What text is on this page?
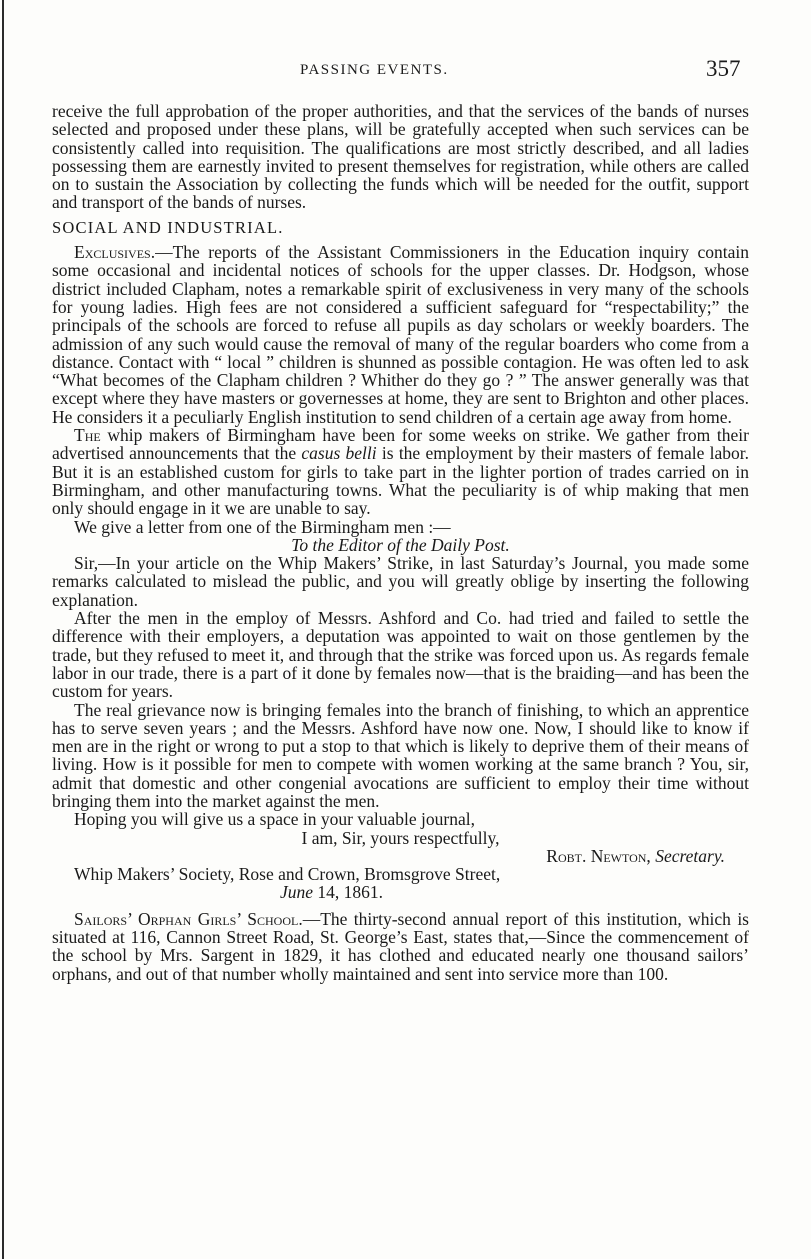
PASSING EVENTS.	357

receive the full approbation of the proper authorities, and that the services of the bands of nurses selected and proposed under these plans, will be gratefully accepted when such services can be consistently called into requisition. The qualifications are most strictly described, and all ladies possessing them are earnestly invited to present themselves for registration, while others are called on to sustain the Association by collecting the funds which will be needed for the outfit, support and transport of the bands of nurses.

SOCIAL AND INDUSTRIAL.

Exclusives.—The reports of the Assistant Commissioners in the Education inquiry contain some occasional and incidental notices of schools for the upper classes. Dr. Hodgson, whose district included Clapham, notes a remarkable spirit of exclusiveness in very many of the schools for young ladies. High fees are not considered a sufficient safeguard for “respectability;” the principals of the schools are forced to refuse all pupils as day scholars or weekly boarders. The admission of any such would cause the removal of many of the regular boarders who come from a distance. Contact with “ local ” children is shunned as possible contagion. He was often led to ask “What becomes of the Clapham children ? Whither do they go ? ” The answer generally was that except where they have masters or governesses at home, they are sent to Brighton and other places. He considers it a peculiarly English institution to send children of a certain age away from home.

The whip makers of Birmingham have been for some weeks on strike. We gather from their advertised announcements that the casus belli is the employment by their masters of female labor. But it is an established custom for girls to take part in the lighter portion of trades carried on in Birmingham, and other manufacturing towns. What the peculiarity is of whip making that men only should engage in it we are unable to say.

We give a letter from one of the Birmingham men :—

To the Editor of the Daily Post.

Sir,—In your article on the Whip Makers’ Strike, in last Saturday’s Journal, you made some remarks calculated to mislead the public, and you will greatly oblige by inserting the following explanation.

After the men in the employ of Messrs. Ashford and Co. had tried and failed to settle the difference with their employers, a deputation was appointed to wait on those gentlemen by the trade, but they refused to meet it, and through that the strike was forced upon us. As regards female labor in our trade, there is a part of it done by females now—that is the braiding—and has been the custom for years.

The real grievance now is bringing females into the branch of finishing, to which an apprentice has to serve seven years ; and the Messrs. Ashford have now one. Now, I should like to know if men are in the right or wrong to put a stop to that which is likely to deprive them of their means of living. How is it possible for men to compete with women working at the same branch ? You, sir, admit that domestic and other congenial avocations are sufficient to employ their time without bringing them into the market against the men.

Hoping you will give us a space in your valuable journal,

I am, Sir, yours respectfully,

Robt. Newton, Secretary.

Whip Makers’ Society, Rose and Crown, Bromsgrove Street,

June 14, 1861.

Sailors’ Orphan Girls’ School.—The thirty-second annual report of this institution, which is situated at 116, Cannon Street Road, St. George’s East, states that,—Since the commencement of the school by Mrs. Sargent in 1829, it has clothed and educated nearly one thousand sailors’ orphans, and out of that number wholly maintained and sent into service more than 100.
